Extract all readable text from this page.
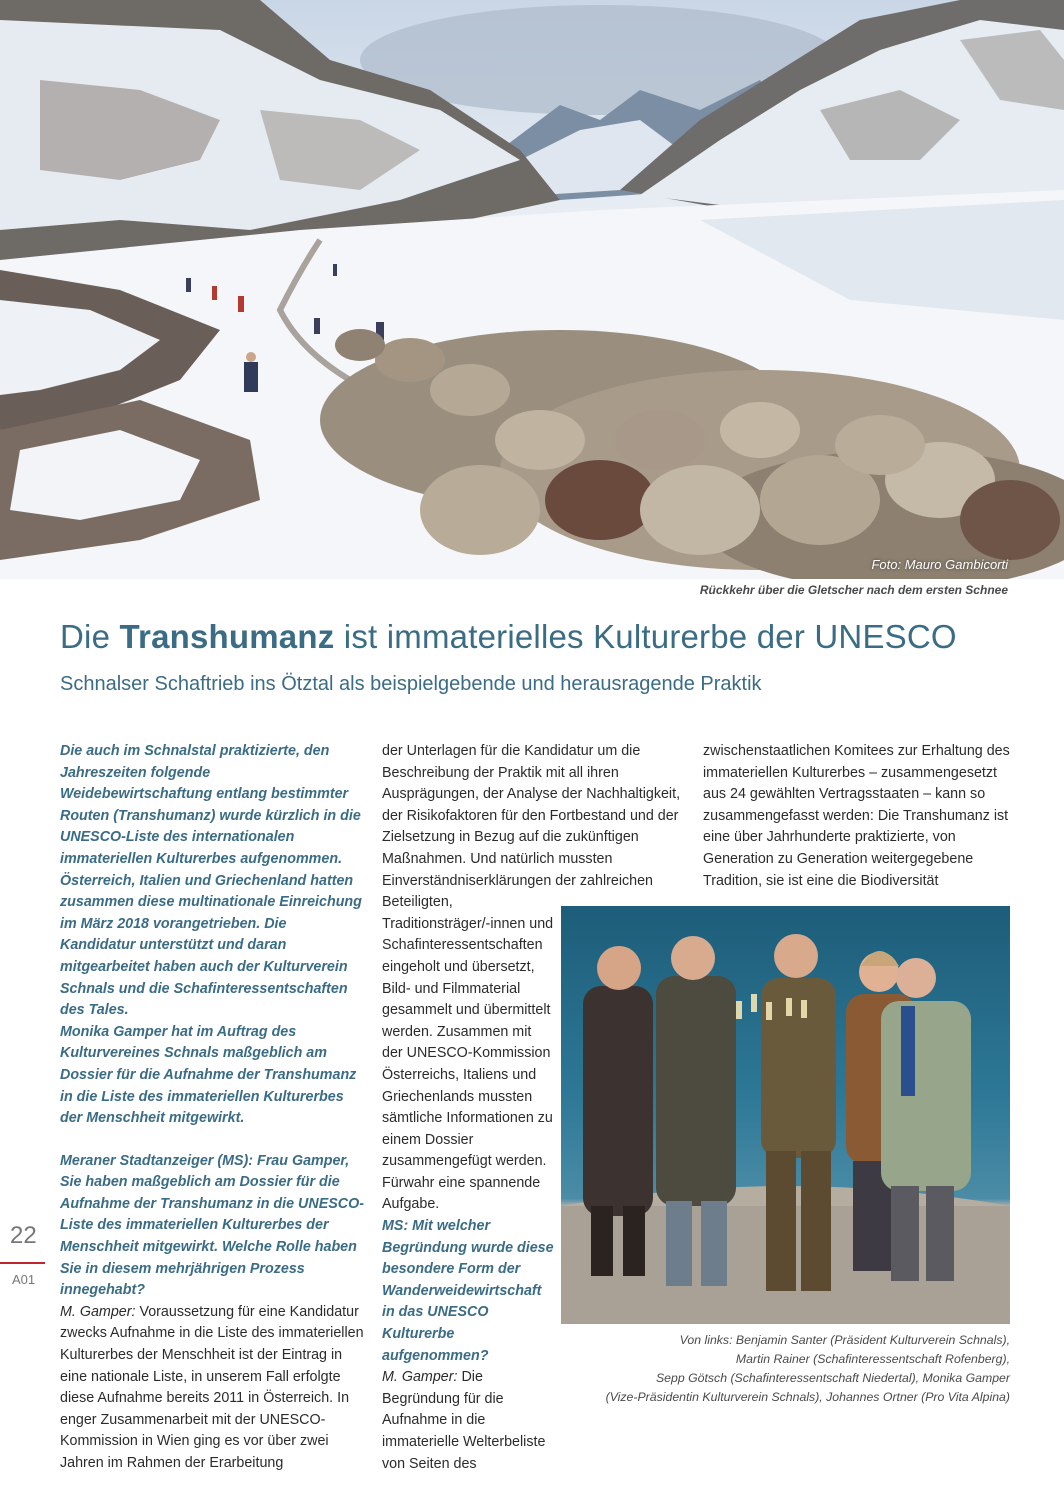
Foto: Mauro Gambicorti
Rückkehr über die Gletscher nach dem ersten Schnee
Die Transhumanz ist immaterielles Kulturerbe der UNESCO
Schnalser Schaftrieb ins Ötztal als beispielgebende und herausragende Praktik

Die auch im Schnalstal praktizierte, den Jahreszeiten folgende Weidebewirtschaftung entlang bestimmter Routen (Transhumanz) wurde kürzlich in die UNESCO-Liste des internationalen immateriellen Kulturerbes aufgenommen. Österreich, Italien und Griechenland hatten zusammen diese multinationale Einreichung im März 2018 vorangetrieben. Die Kandidatur unterstützt und daran mitgearbeitet haben auch der Kulturverein Schnals und die Schafinteressentschaften des Tales.

Monika Gamper hat im Auftrag des Kulturvereines Schnals maßgeblich am Dossier für die Aufnahme der Transhumanz in die Liste des immateriellen Kulturerbes der Menschheit mitgewirkt.

Meraner Stadtanzeiger (MS): Frau Gamper, Sie haben maßgeblich am Dossier für die Aufnahme der Transhumanz in die UNESCO-Liste des immateriellen Kulturerbes der Menschheit mitgewirkt. Welche Rolle haben Sie in diesem mehrjährigen Prozess innegehabt?

M. Gamper: Voraussetzung für eine Kandidatur zwecks Aufnahme in die Liste des immateriellen Kulturerbes der Menschheit ist der Eintrag in eine nationale Liste, in unserem Fall erfolgte diese Aufnahme bereits 2011 in Österreich. In enger Zusammenarbeit mit der UNESCO-Kommission in Wien ging es vor über zwei Jahren im Rahmen der Erarbeitung

der Unterlagen für die Kandidatur um die Beschreibung der Praktik mit all ihren Ausprägungen, der Analyse der Nachhaltigkeit, der Risikofaktoren für den Fortbestand und der Zielsetzung in Bezug auf die zukünftigen Maßnahmen. Und natürlich mussten Einverständniserklärungen der zahlreichen Beteiligten,

Traditionsträger/-innen und Schafinteressentschaften eingeholt und übersetzt, Bild- und Filmmaterial gesammelt und übermittelt werden. Zusammen mit der UNESCO-Kommission Österreichs, Italiens und Griechenlands mussten sämtliche Informationen zu einem Dossier zusammengefügt werden. Fürwahr eine spannende Aufgabe.

MS: Mit welcher Begründung wurde diese besondere Form der Wanderweidewirtschaft in das UNESCO Kulturerbe aufgenommen?

M. Gamper: Die Begründung für die Aufnahme in die immaterielle Welterbeliste von Seiten des

zwischenstaatlichen Komitees zur Erhaltung des immateriellen Kulturerbes – zusammengesetzt aus 24 gewählten Vertragsstaaten – kann so zusammengefasst werden: Die Transhumanz ist eine über Jahrhunderte praktizierte, von Generation zu Generation weitergegebene Tradition, sie ist eine die Biodiversität

Von links: Benjamin Santer (Präsident Kulturverein Schnals),
Martin Rainer (Schafinteressentschaft Rofenberg),
Sepp Götsch (Schafinteressentschaft Niedertal), Monika Gamper
(Vize-Präsidentin Kulturverein Schnals), Johannes Ortner (Pro Vita Alpina)
22
A01
